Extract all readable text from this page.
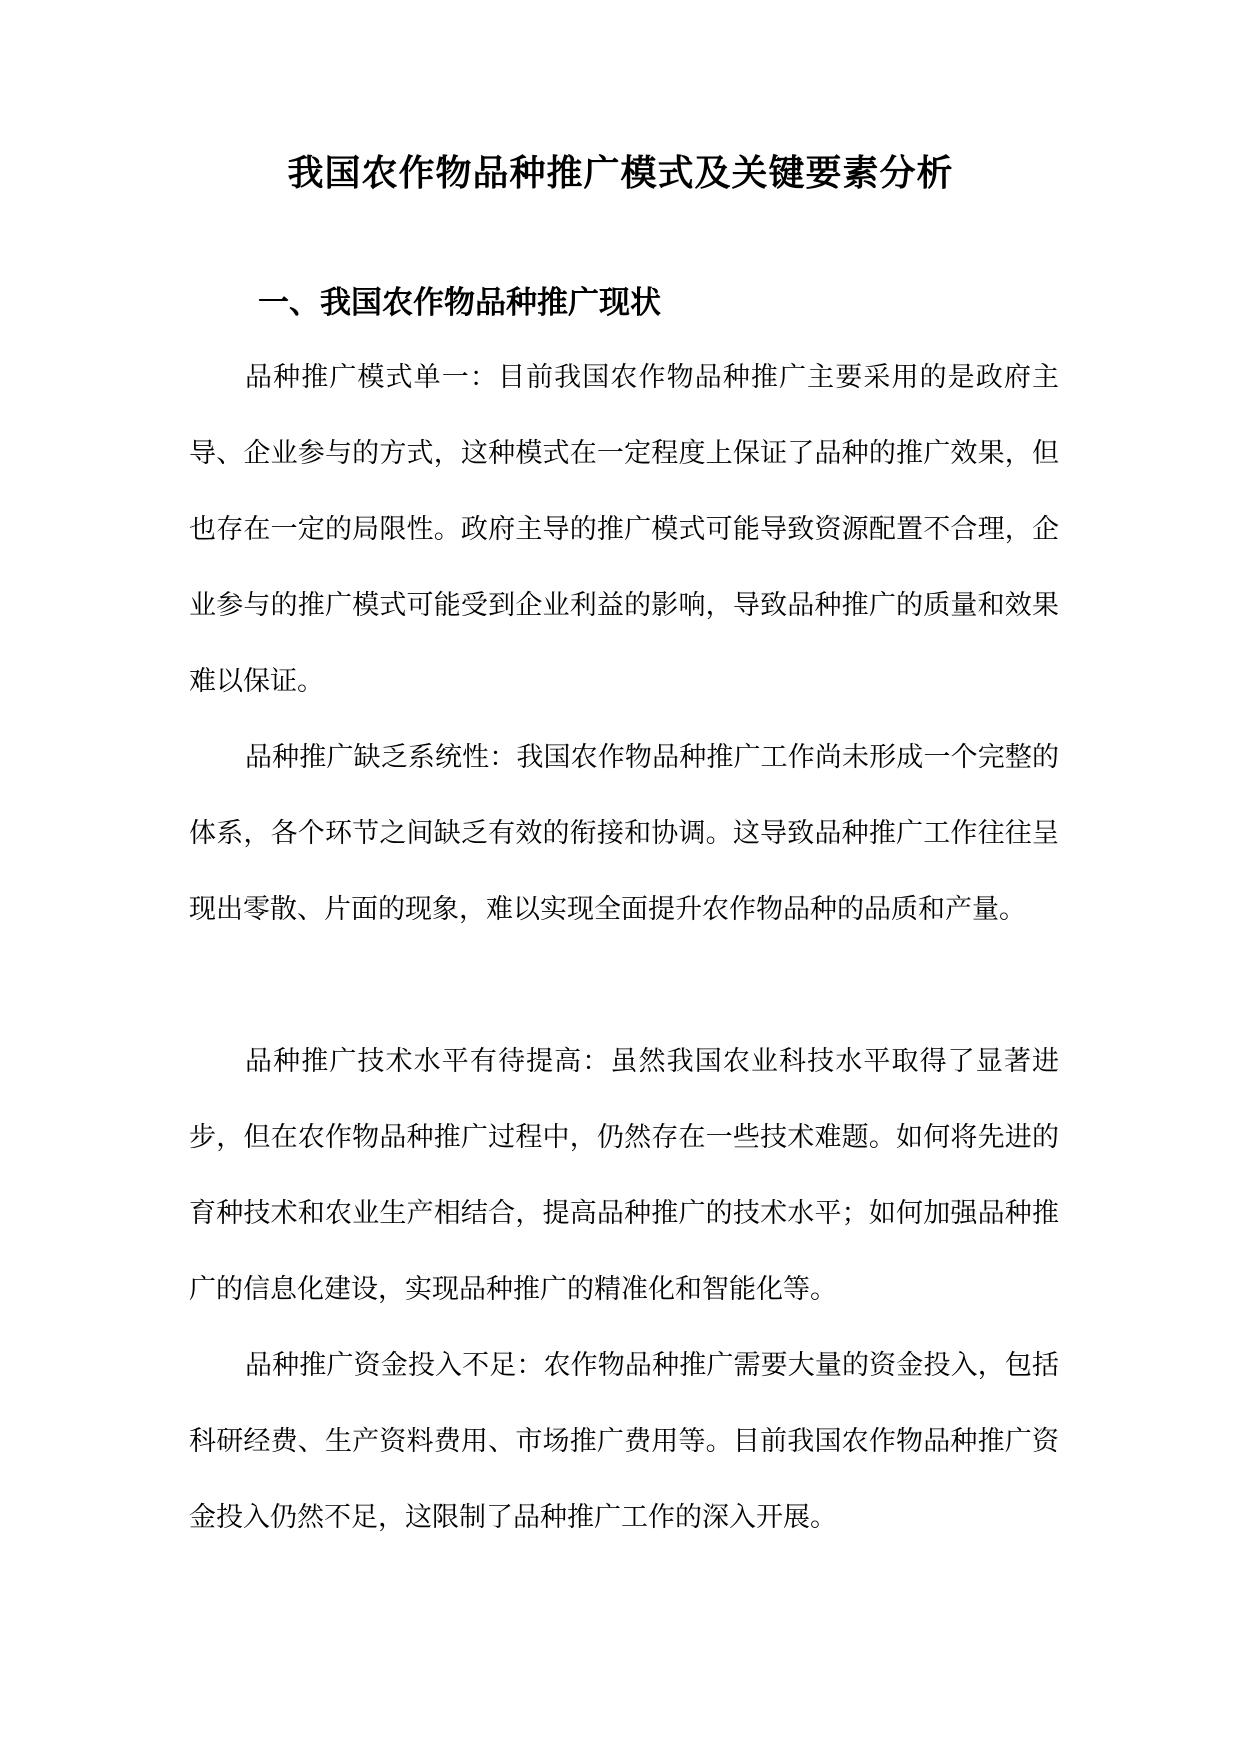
我国农作物品种推广模式及关键要素分析
一、我国农作物品种推广现状

品种推广模式单一：目前我国农作物品种推广主要采用的是政府主导、企业参与的方式，这种模式在一定程度上保证了品种的推广效果，但也存在一定的局限性。政府主导的推广模式可能导致资源配置不合理，企业参与的推广模式可能受到企业利益的影响，导致品种推广的质量和效果难以保证。

品种推广缺乏系统性：我国农作物品种推广工作尚未形成一个完整的体系，各个环节之间缺乏有效的衔接和协调。这导致品种推广工作往往呈现出零散、片面的现象，难以实现全面提升农作物品种的品质和产量。

品种推广技术水平有待提高：虽然我国农业科技水平取得了显著进步，但在农作物品种推广过程中，仍然存在一些技术难题。如何将先进的育种技术和农业生产相结合，提高品种推广的技术水平；如何加强品种推广的信息化建设，实现品种推广的精准化和智能化等。

品种推广资金投入不足：农作物品种推广需要大量的资金投入，包括科研经费、生产资料费用、市场推广费用等。目前我国农作物品种推广资金投入仍然不足，这限制了品种推广工作的深入开展。
